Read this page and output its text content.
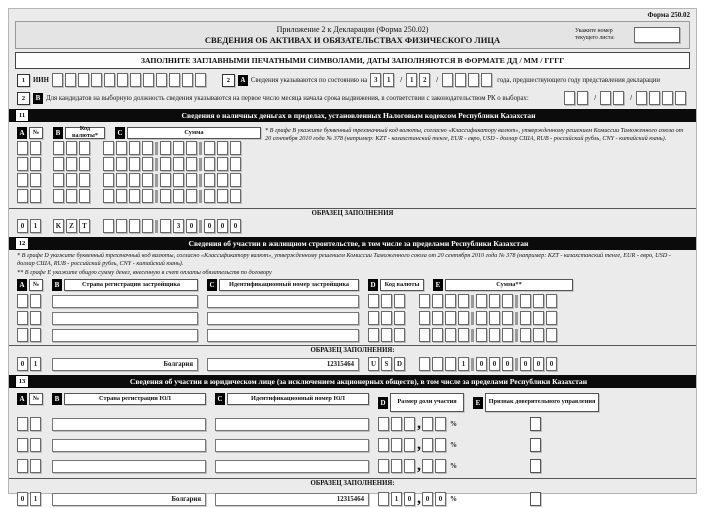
Форма 250.02
Приложение 2 к Декларации (Форма 250.02)
СВЕДЕНИЯ ОБ АКТИВАХ И ОБЯЗАТЕЛЬСТВАХ ФИЗИЧЕСКОГО ЛИЦА
Укажите номер текущего листа:
ЗАПОЛНИТЕ ЗАГЛАВНЫМИ ПЕЧАТНЫМИ СИМВОЛАМИ, ДАТЫ ЗАПОЛНЯЮТСЯ В ФОРМАТЕ ДД / ММ / ГГГГ
1	ИИН	2	A Сведения указываются по состоянию на 3	1	/	1	2	/	года, предшествующего году представления декларации
2	B Для кандидатов на выборную должность сведения указываются на первое число месяца начала срока выдвижения, в соответствии с законодательством РК о выборах:	/	/
11	Сведения о наличных деньгах в пределах, установленных Налоговым кодексом Республики Казахстан
A	№	B
Код валюты*	C	Сумма	* В графе В укажите буквенный трехзначный код валюты, согласно «Классификатору валют», утвержденному решением Комиссии Таможенного союза от 20 сентября 2010 года № 378 (например: KZT - казахстанский тенге, EUR - евро, USD - доллар США, RUB - российский рубль, CNY - китайский юань).
ОБРАЗЕЦ ЗАПОЛНЕНИЯ
0	1	K	Z	T	3	0	0	0	0
12	Сведения об участии в жилищном строительстве, в том числе за пределами Республики Казахстан
* В графе D укажите буквенный трехзначный код валюты, согласно «Классификатору валют», утвержденному решением Комиссии Таможенного союза от 20 сентября 2010 года № 378 (например: KZT - казахстанский тенге, EUR - евро, USD - доллар США, RUB - российский рубль, CNY - китайский юань).
** В графе Е укажите общую сумму денег, внесенную в счет оплаты обязательств по договору
A	№	B	Страна регистрации застройщика	C	Идентификационный номер застройщика	D	Код валюты	E	Сумма**
ОБРАЗЕЦ ЗАПОЛНЕНИЯ:
0	1	Болгария	12315464	U	S	D	1	0	0	0	0	0	0
13	Сведения об участии в юридическом лице (за исключением акционерных обществ), в том числе за пределами Республики Казахстан
A	№	B	Страна регистрации ЮЛ	C	Идентификационный номер ЮЛ
D	Размер доли участия	E	Признак доверительного управления
,	%
,	%
,	%
ОБРАЗЕЦ ЗАПОЛНЕНИЯ:
0	1	Болгария	12315464	1	0 , 0	0	%
